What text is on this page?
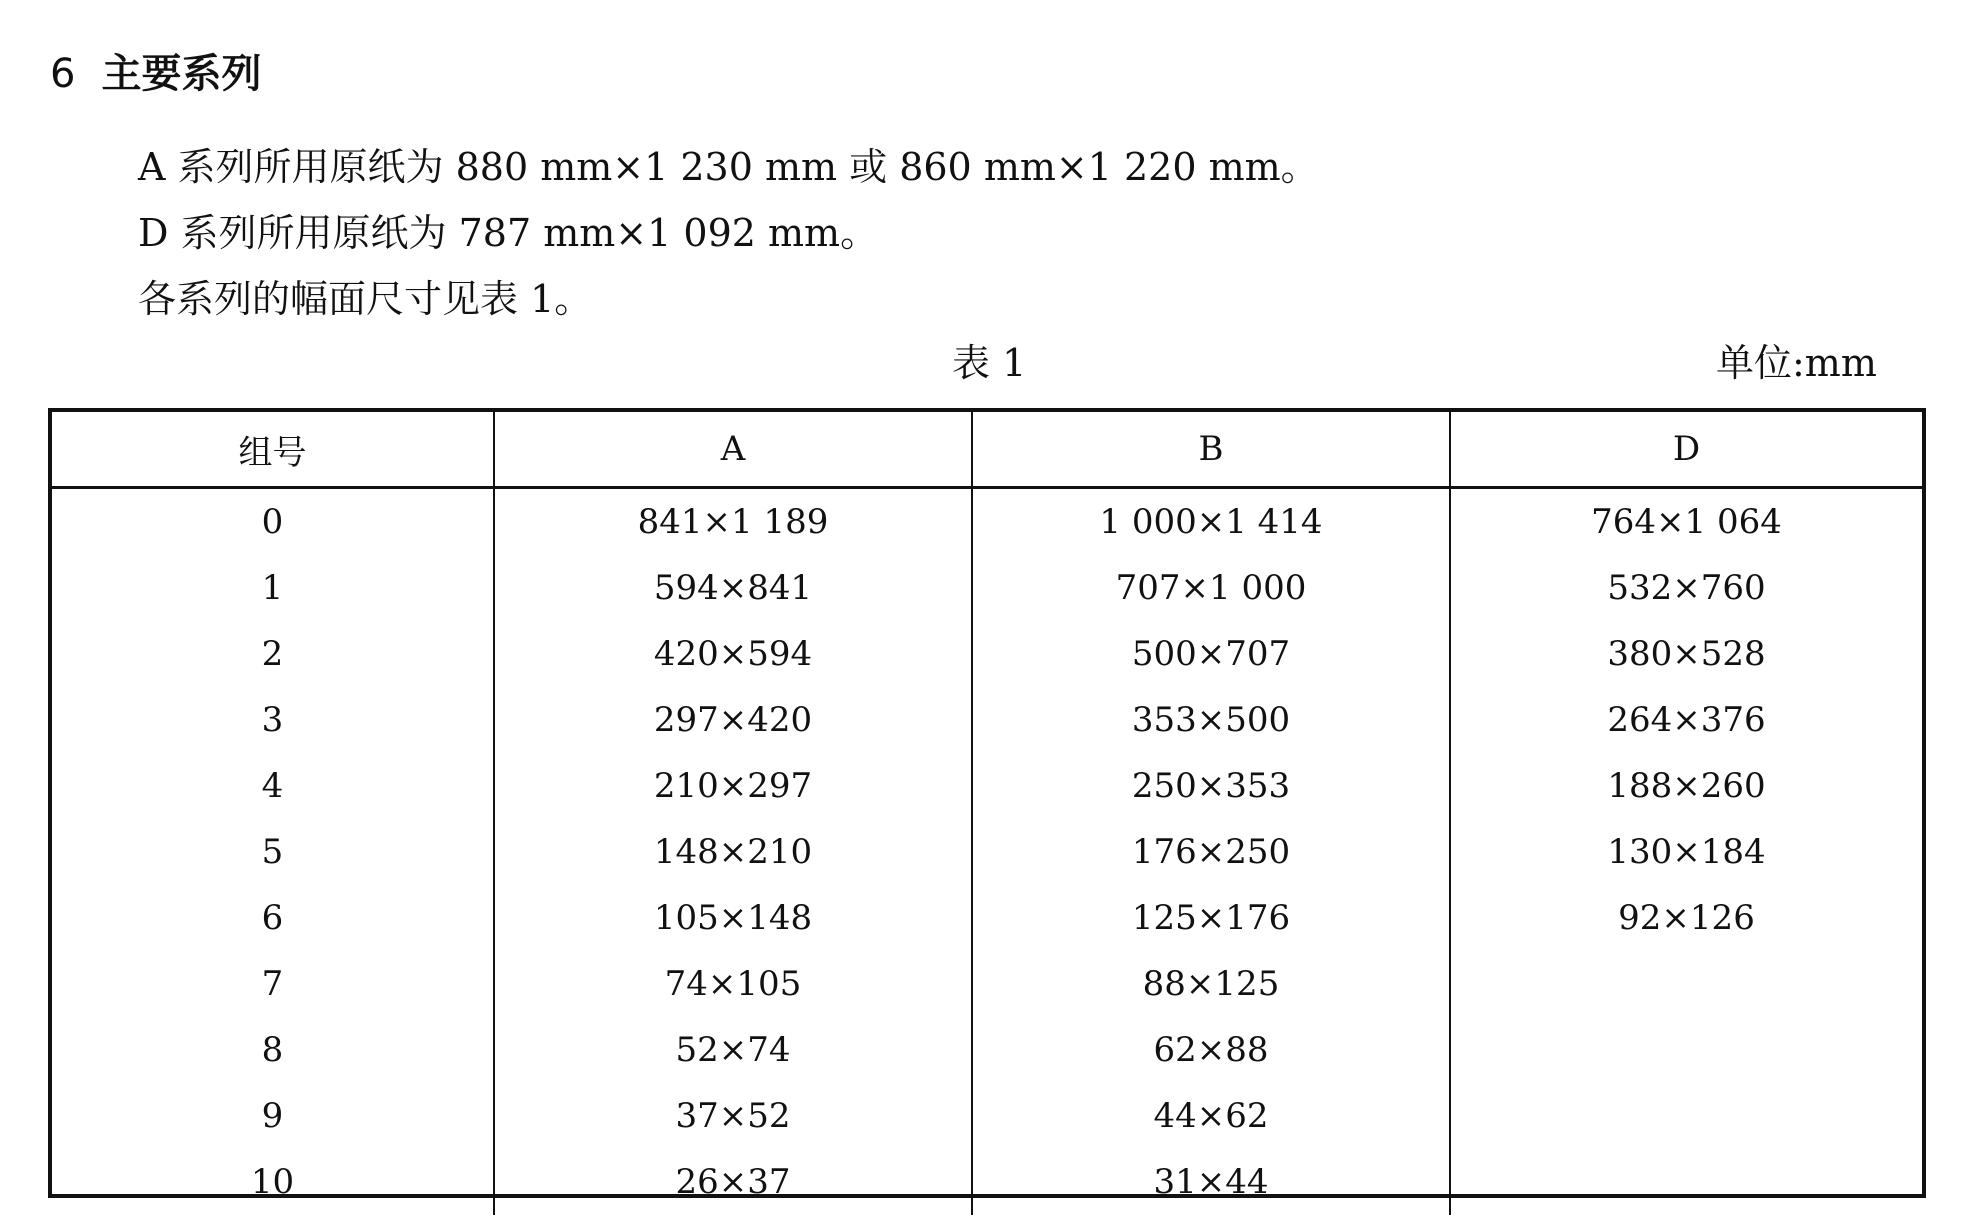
6 主要系列
A 系列所用原纸为 880 mm×1 230 mm 或 860 mm×1 220 mm。
D 系列所用原纸为 787 mm×1 092 mm。
各系列的幅面尺寸见表 1。
表 1	单位:mm
组号	A	B	D
0	841×1 189	1 000×1 414	764×1 064
1	594×841	707×1 000	532×760
2	420×594	500×707	380×528
3	297×420	353×500	264×376
4	210×297	250×353	188×260
5	148×210	176×250	130×184
6	105×148	125×176	92×126
7	74×105	88×125	
8	52×74	62×88	
9	37×52	44×62	
10	26×37	31×44	
